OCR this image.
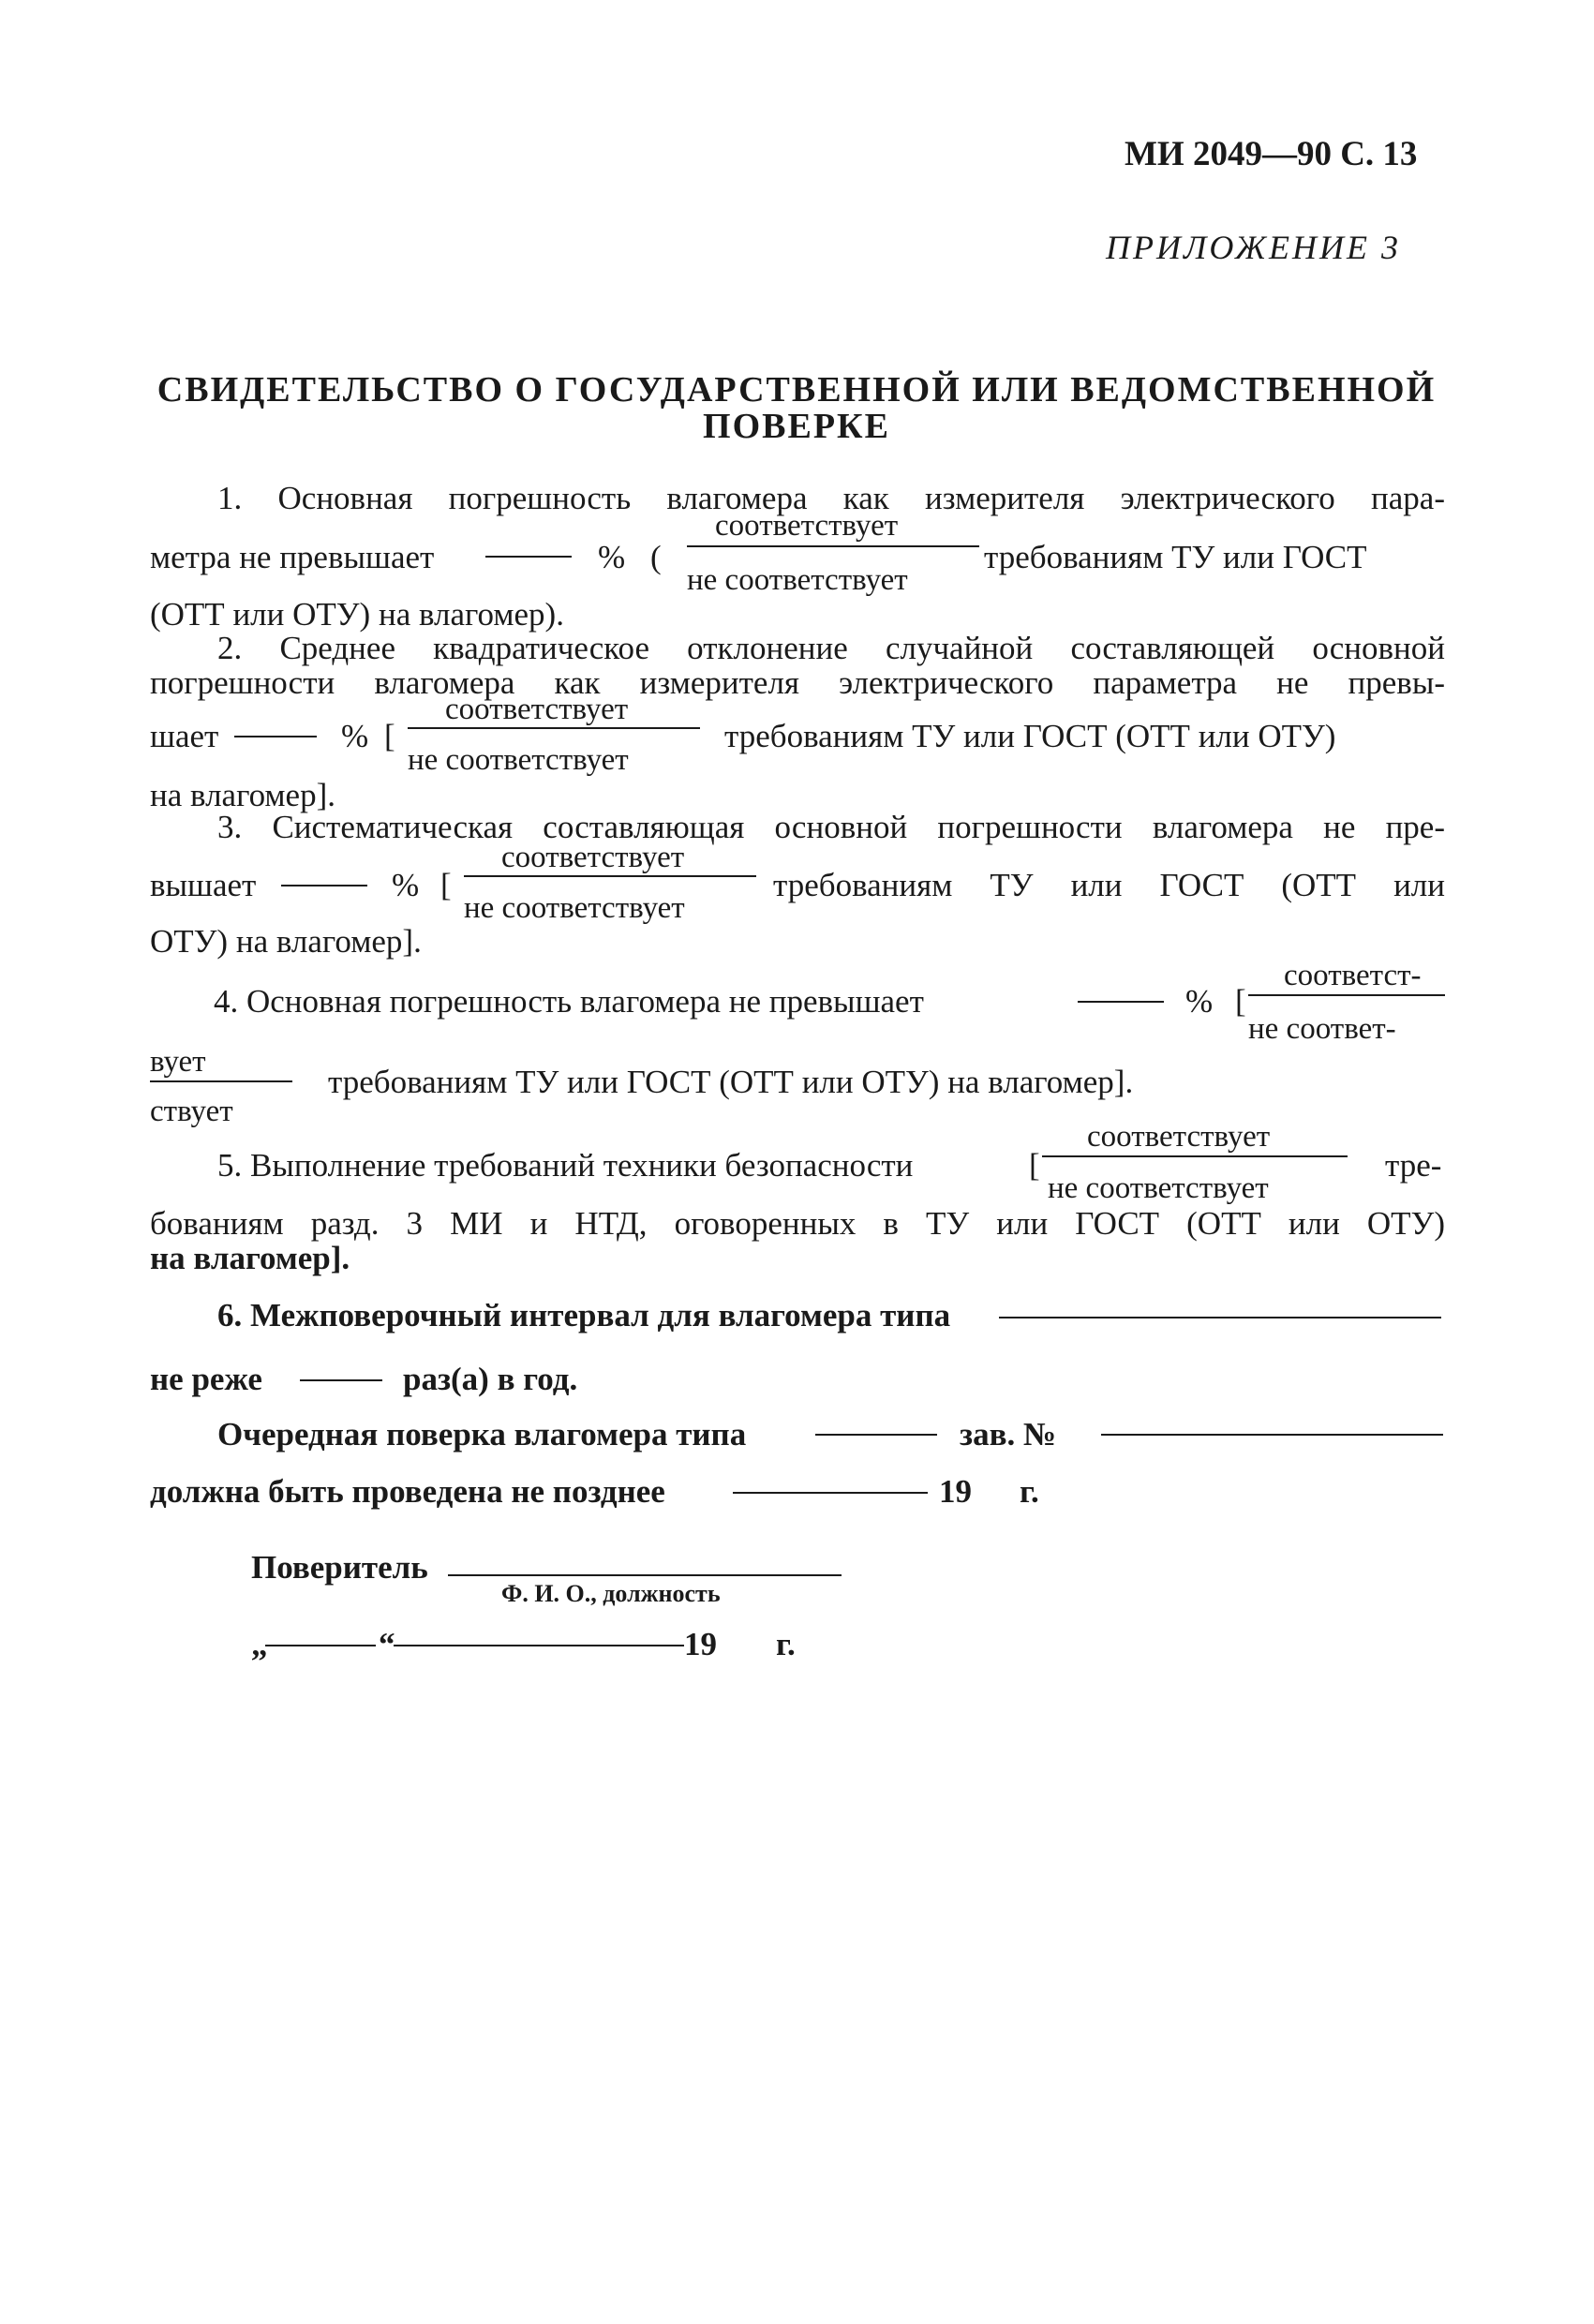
МИ 2049—90 С. 13
ПРИЛОЖЕНИЕ 3
СВИДЕТЕЛЬСТВО О ГОСУДАРСТВЕННОЙ ИЛИ ВЕДОМСТВЕННОЙ
ПОВЕРКЕ
1. Основная погрешность влагомера как измерителя электрического пара-
соответствует
не соответствует
метра не превышает	% (	требованиям ТУ или ГОСТ
(ОТТ или ОТУ) на влагомер).
2. Среднее квадратическое отклонение случайной составляющей основной
погрешности влагомера как измерителя электрического параметра не превы-
соответствует
не соответствует
шает	% [	требованиям ТУ или ГОСТ (ОТТ или ОТУ)
на влагомер].
3. Систематическая составляющая основной погрешности влагомера не пре-
соответствует
не соответствует
вышает	% [	требованиям ТУ или ГОСТ (ОТТ или
ОТУ) на влагомер].
4. Основная погрешность влагомера не превышает	% [
соответст-
не соответ-
вует
ствует
требованиям ТУ или ГОСТ (ОТТ или ОТУ) на влагомер].
5. Выполнение требований техники безопасности	[
соответствует
не соответствует
тре-
бованиям разд. 3 МИ и НТД, оговоренных в ТУ или ГОСТ (ОТТ или ОТУ)
на влагомер].
6. Межповерочный интервал для влагомера типа
не реже	раз(а) в год.
Очередная поверка влагомера типа	зав. №
должна быть проведена не позднее	19 г.
Поверитель
Ф. И. О., должность
„	“	19 г.
